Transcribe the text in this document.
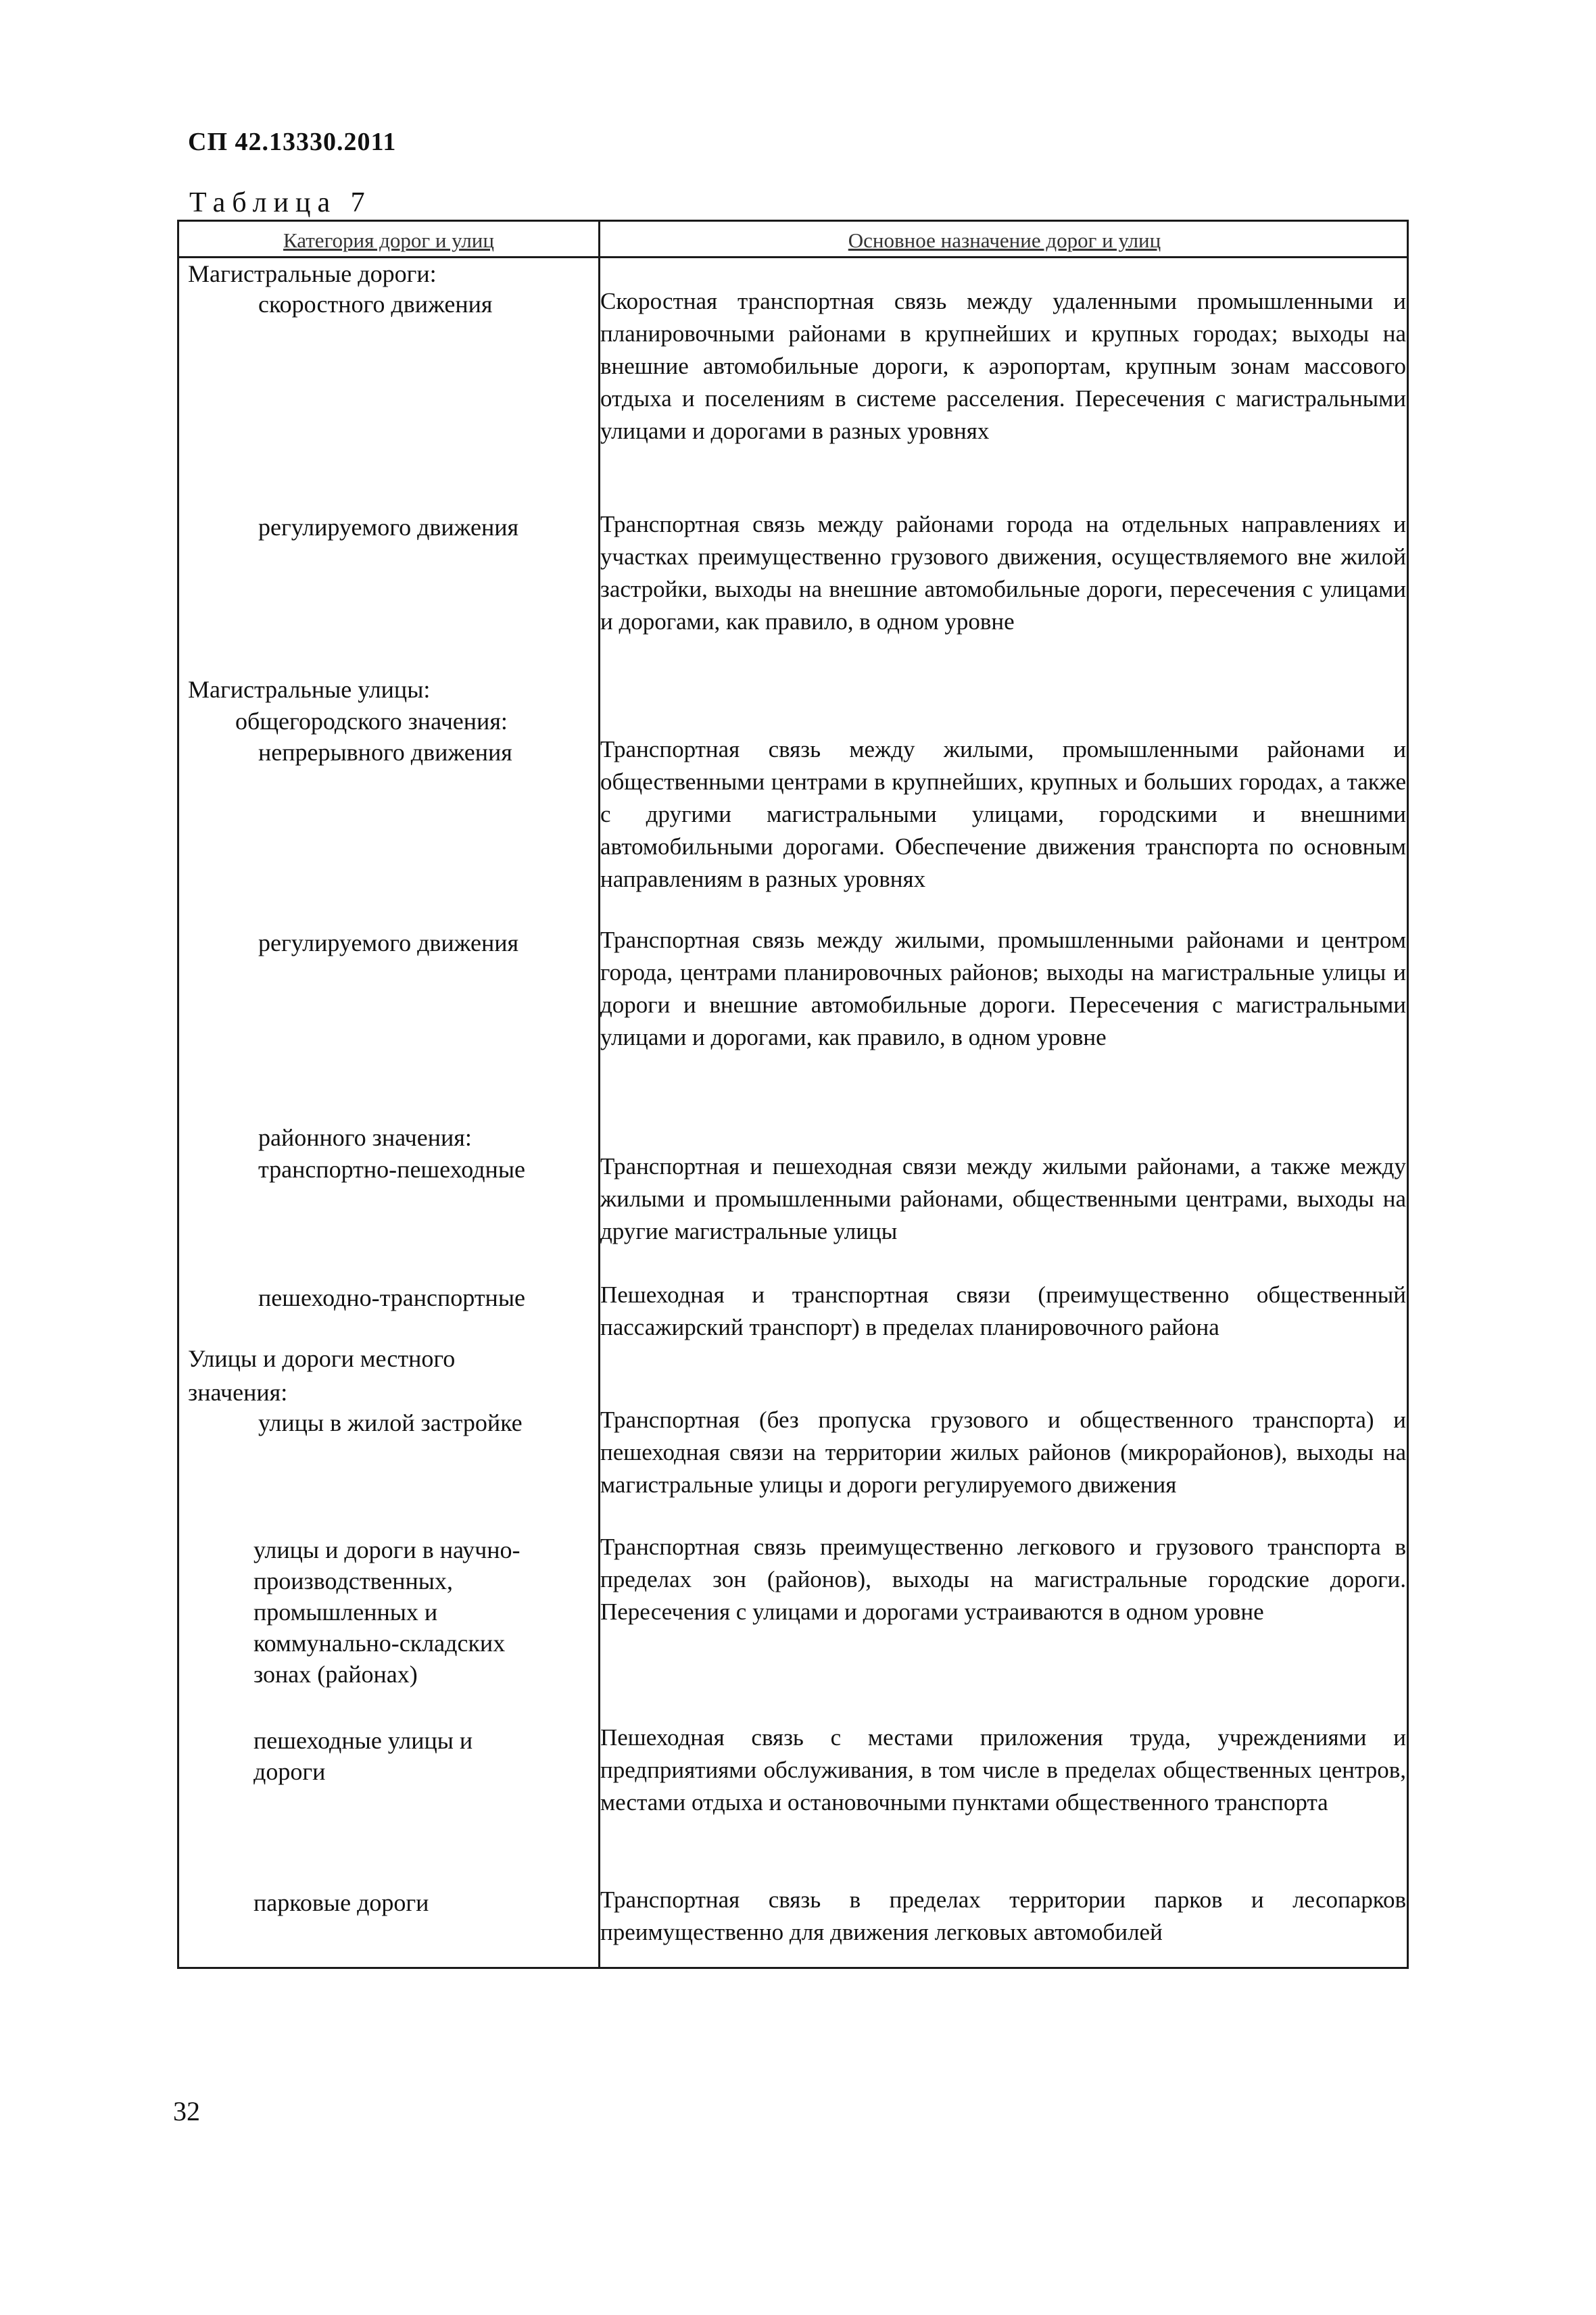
СП 42.13330.2011
Таблица 7
Категория дорог и улиц	Основное назначение дорог и улиц
Магистральные дороги:
скоростного движения
регулируемого движения
Магистральные улицы:
общегородского значения:
непрерывного движения
регулируемого движения
районного значения:
транспортно-пешеходные
пешеходно-транспортные
Улицы и дороги местного значения:
улицы в жилой застройке
улицы и дороги в научно-
производственных,
промышленных и
коммунально-складских
зонах (районах)
пешеходные улицы и
дороги
парковые дороги
Скоростная транспортная связь между удаленными промышленными и планировочными районами в крупнейших и крупных городах; выходы на внешние автомобильные дороги, к аэропортам, крупным зонам массового отдыха и поселениям в системе расселения. Пересечения с магистральными улицами и дорогами в разных уровнях
Транспортная связь между районами города на отдельных направлениях и участках преимущественно грузового движения, осуществляемого вне жилой застройки, выходы на внешние автомобильные дороги, пересечения с улицами и дорогами, как правило, в одном уровне
Транспортная связь между жилыми, промышленными районами и общественными центрами в крупнейших, крупных и больших городах, а также с другими магистральными улицами, городскими и внешними автомобильными дорогами. Обеспечение движения транспорта по основным направлениям в разных уровнях
Транспортная связь между жилыми, промышленными районами и центром города, центрами планировочных районов; выходы на магистральные улицы и дороги и внешние автомобильные дороги. Пересечения с магистральными улицами и дорогами, как правило, в одном уровне
Транспортная и пешеходная связи между жилыми районами, а также между жилыми и промышленными районами, общественными центрами, выходы на другие магистральные улицы
Пешеходная и транспортная связи (преимущественно общественный пассажирский транспорт) в пределах планировочного района
Транспортная (без пропуска грузового и общественного транспорта) и пешеходная связи на территории жилых районов (микрорайонов), выходы на магистральные улицы и дороги регулируемого движения
Транспортная связь преимущественно легкового и грузового транспорта в пределах зон (районов), выходы на магистральные городские дороги. Пересечения с улицами и дорогами устраиваются в одном уровне
Пешеходная связь с местами приложения труда, учреждениями и предприятиями обслуживания, в том числе в пределах общественных центров, местами отдыха и остановочными пунктами общественного транспорта
Транспортная связь в пределах территории парков и лесопарков преимущественно для движения легковых автомобилей
32
